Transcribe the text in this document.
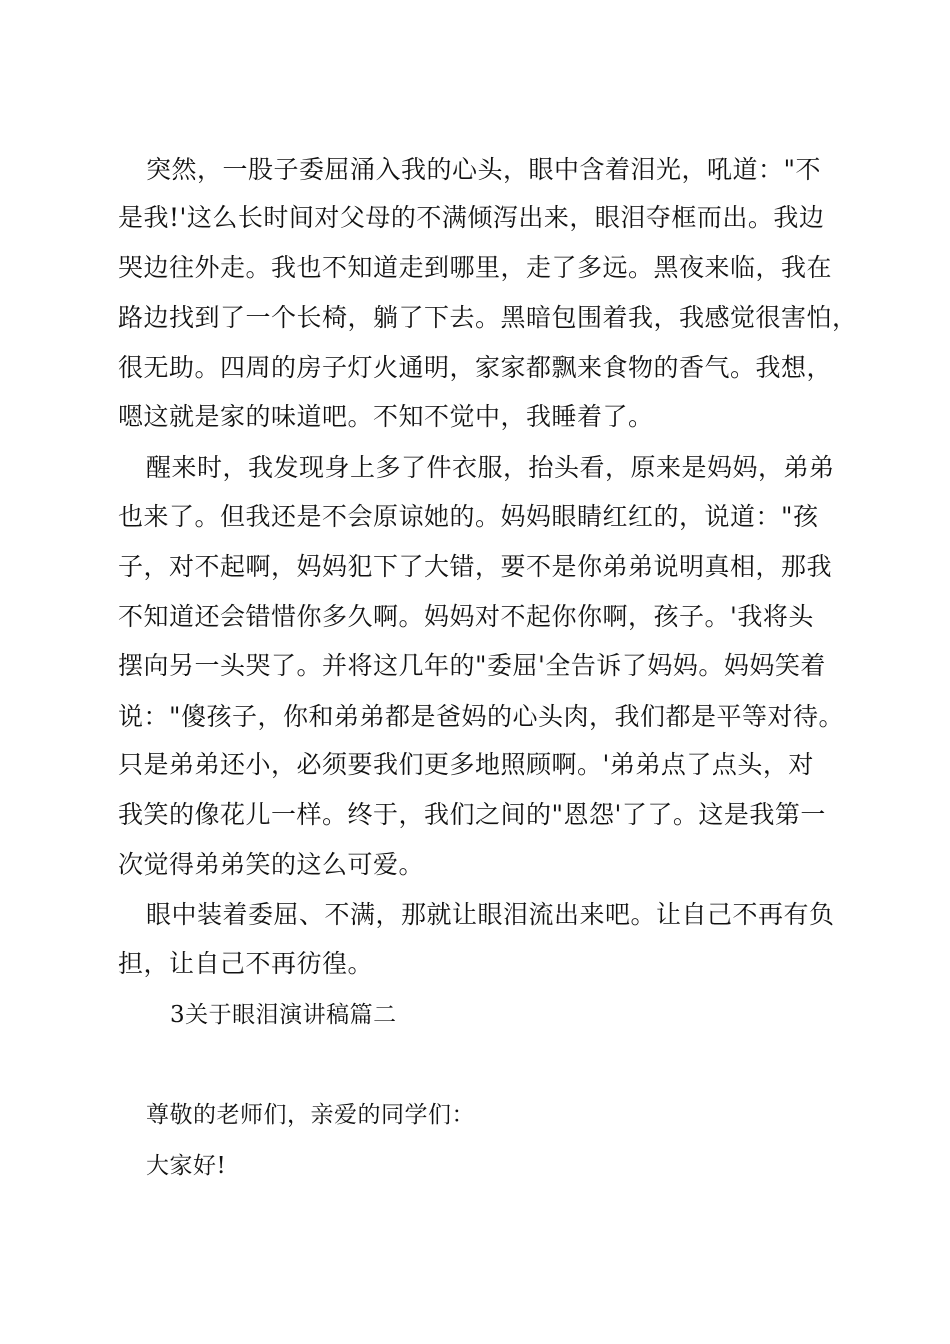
突然，一股子委屈涌入我的心头，眼中含着泪光，吼道："不
是我!'这么长时间对父母的不满倾泻出来，眼泪夺框而出。我边
哭边往外走。我也不知道走到哪里，走了多远。黑夜来临，我在
路边找到了一个长椅，躺了下去。黑暗包围着我，我感觉很害怕，
很无助。四周的房子灯火通明，家家都飘来食物的香气。我想，
嗯这就是家的味道吧。不知不觉中，我睡着了。
醒来时，我发现身上多了件衣服，抬头看，原来是妈妈，弟弟
也来了。但我还是不会原谅她的。妈妈眼睛红红的，说道："孩
子，对不起啊，妈妈犯下了大错，要不是你弟弟说明真相，那我
不知道还会错惜你多久啊。妈妈对不起你你啊，孩子。'我将头
摆向另一头哭了。并将这几年的"委屈'全告诉了妈妈。妈妈笑着
说："傻孩子，你和弟弟都是爸妈的心头肉，我们都是平等对待。
只是弟弟还小，必须要我们更多地照顾啊。'弟弟点了点头，对
我笑的像花儿一样。终于，我们之间的"恩怨'了了。这是我第一
次觉得弟弟笑的这么可爱。
眼中装着委屈、不满，那就让眼泪流出来吧。让自己不再有负
担，让自己不再彷徨。
3关于眼泪演讲稿篇二
尊敬的老师们，亲爱的同学们：
大家好!
